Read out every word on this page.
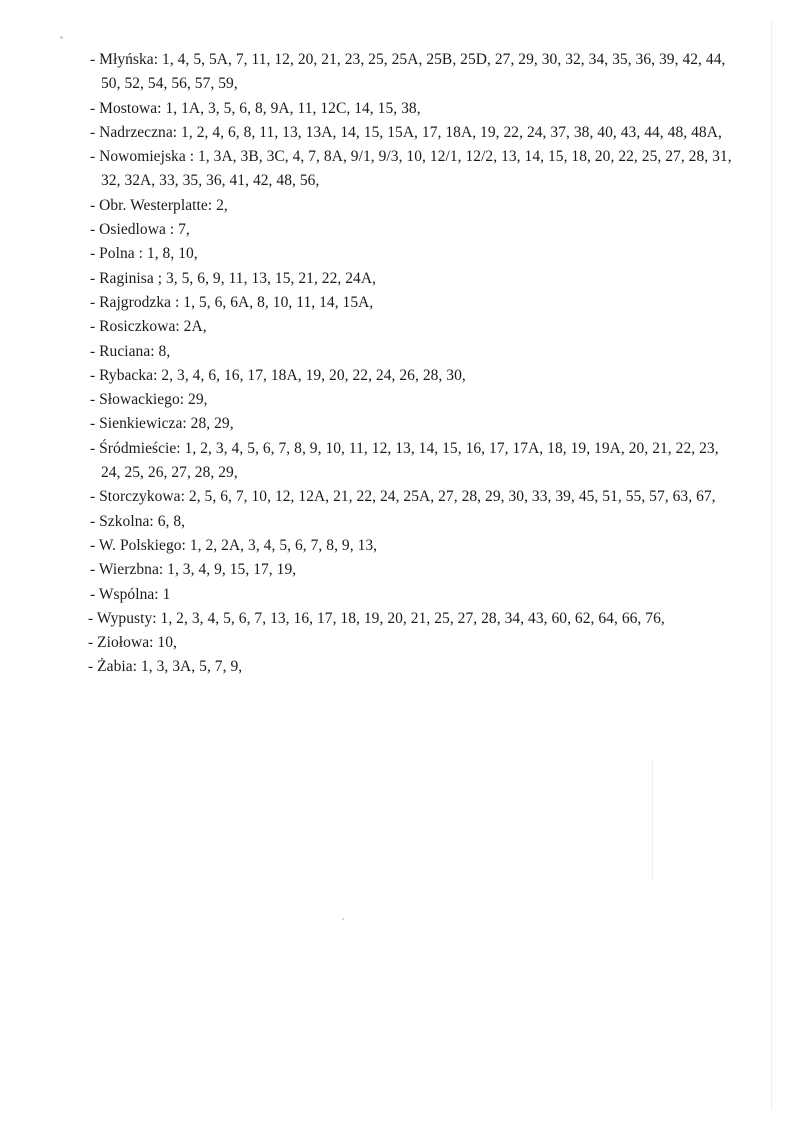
- Młyńska: 1, 4, 5, 5A, 7, 11, 12, 20, 21, 23, 25, 25A, 25B, 25D, 27, 29, 30, 32, 34, 35, 36, 39, 42, 44,
50, 52, 54, 56, 57, 59,
- Mostowa: 1, 1A, 3, 5, 6, 8, 9A, 11, 12C, 14, 15, 38,
- Nadrzeczna: 1, 2, 4, 6, 8, 11, 13, 13A, 14, 15, 15A, 17, 18A, 19, 22, 24, 37, 38, 40, 43, 44, 48, 48A,
- Nowomiejska : 1, 3A, 3B, 3C, 4, 7, 8A, 9/1, 9/3, 10, 12/1, 12/2, 13, 14, 15, 18, 20, 22, 25, 27, 28, 31,
32, 32A, 33, 35, 36, 41, 42, 48, 56,
- Obr. Westerplatte: 2,
- Osiedlowa : 7,
- Polna : 1, 8, 10,
- Raginisa ; 3, 5, 6, 9, 11, 13, 15, 21, 22, 24A,
- Rajgrodzka : 1, 5, 6, 6A, 8, 10, 11, 14, 15A,
- Rosiczkowa: 2A,
- Ruciana: 8,
- Rybacka: 2, 3, 4, 6, 16, 17, 18A, 19, 20, 22, 24, 26, 28, 30,
- Słowackiego: 29,
- Sienkiewicza: 28, 29,
- Śródmieście: 1, 2, 3, 4, 5, 6, 7, 8, 9, 10, 11, 12, 13, 14, 15, 16, 17, 17A, 18, 19, 19A, 20, 21, 22, 23,
24, 25, 26, 27, 28, 29,
- Storczykowa: 2, 5, 6, 7, 10, 12, 12A, 21, 22, 24, 25A, 27, 28, 29, 30, 33, 39, 45, 51, 55, 57, 63, 67,
- Szkolna: 6, 8,
- W. Polskiego: 1, 2, 2A, 3, 4, 5, 6, 7, 8, 9, 13,
- Wierzbna: 1, 3, 4, 9, 15, 17, 19,
- Wspólna: 1
- Wypusty: 1, 2, 3, 4, 5, 6, 7, 13, 16, 17, 18, 19, 20, 21, 25, 27, 28, 34, 43, 60, 62, 64, 66, 76,
- Ziołowa: 10,
- Żabia: 1, 3, 3A, 5, 7, 9,
